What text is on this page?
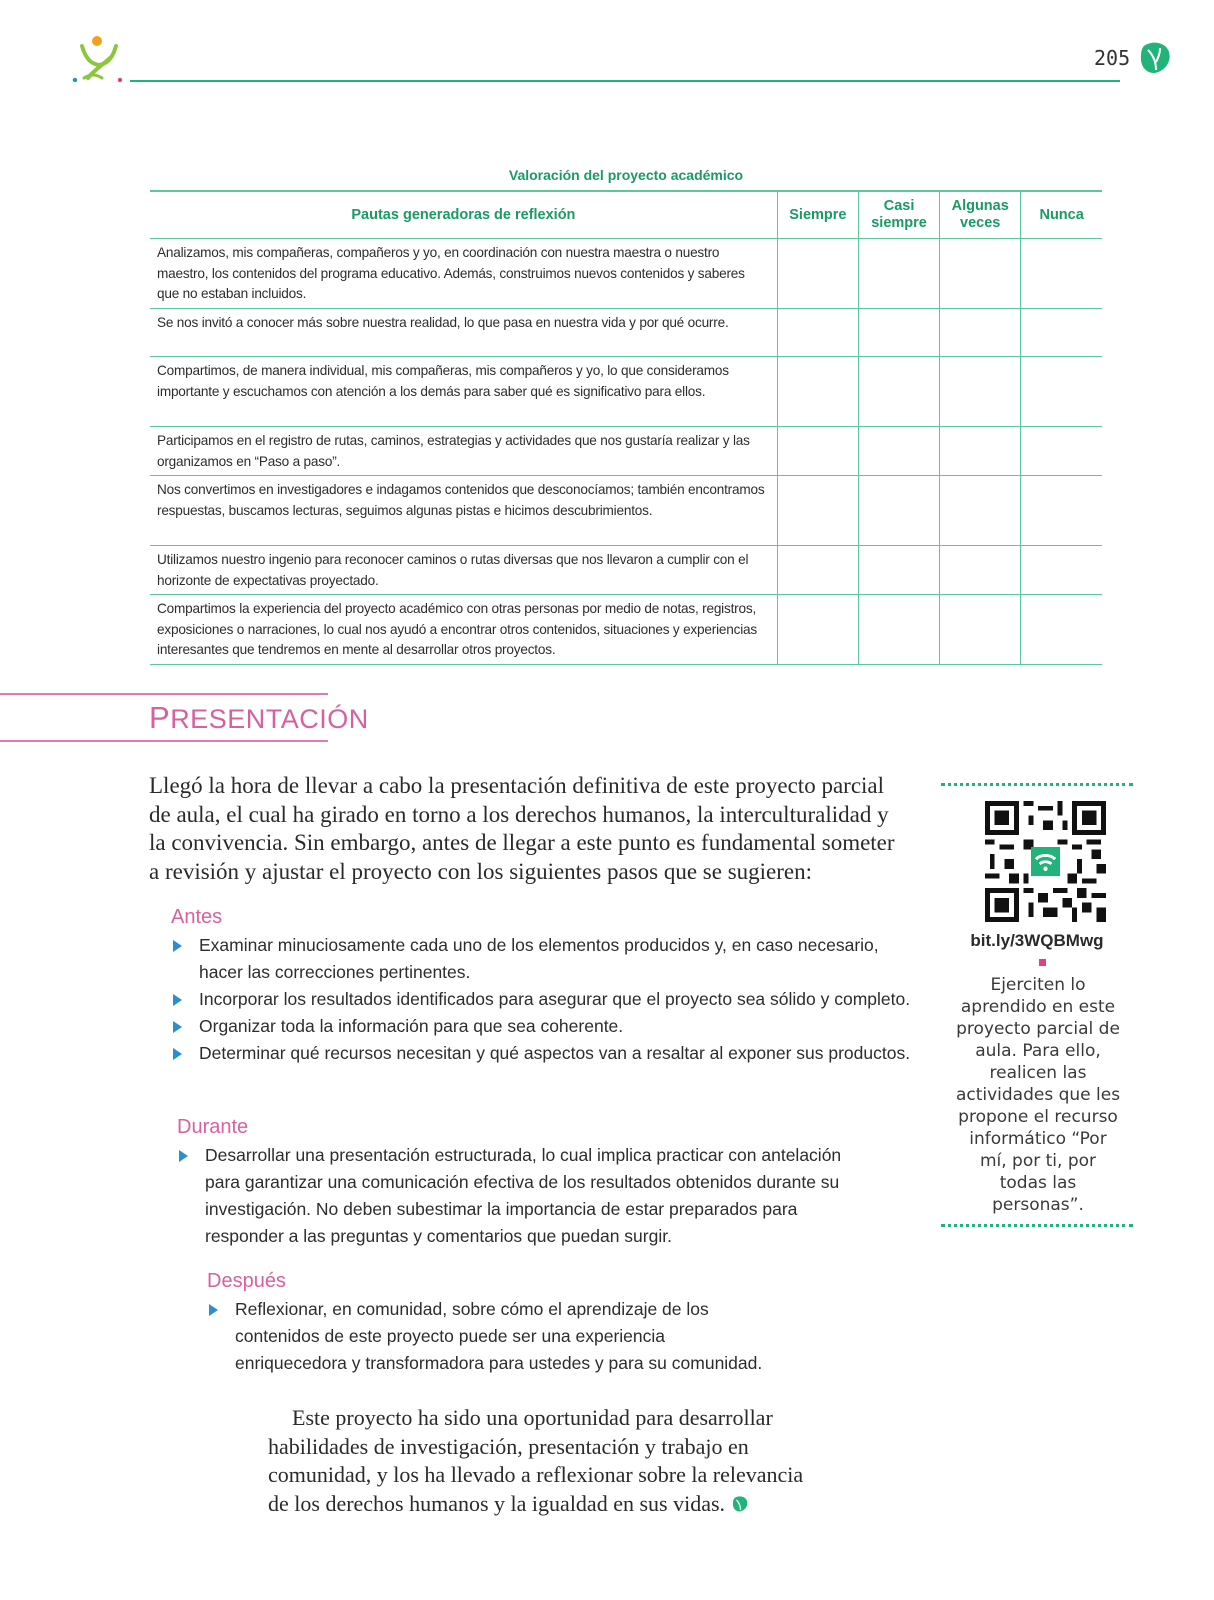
205
Valoración del proyecto académico
Pautas generadoras de reflexión	Siempre	Casi siempre	Algunas veces	Nunca
Analizamos, mis compañeras, compañeros y yo, en coordinación con nuestra maestra o nuestro maestro, los contenidos del programa educativo. Además, construimos nuevos contenidos y saberes que no estaban incluidos.				
Se nos invitó a conocer más sobre nuestra realidad, lo que pasa en nuestra vida y por qué ocurre.				
Compartimos, de manera individual, mis compañeras, mis compañeros y yo, lo que consideramos importante y escuchamos con atención a los demás para saber qué es significativo para ellos.				
Participamos en el registro de rutas, caminos, estrategias y actividades que nos gustaría realizar y las organizamos en “Paso a paso”.				
Nos convertimos en investigadores e indagamos contenidos que desconocíamos; también encontramos respuestas, buscamos lecturas, seguimos algunas pistas e hicimos descubrimientos.				
Utilizamos nuestro ingenio para reconocer caminos o rutas diversas que nos llevaron a cumplir con el horizonte de expectativas proyectado.				
Compartimos la experiencia del proyecto académico con otras personas por medio de notas, registros, exposiciones o narraciones, lo cual nos ayudó a encontrar otros contenidos, situaciones y experiencias interesantes que tendremos en mente al desarrollar otros proyectos.				
PRESENTACIÓN
Llegó la hora de llevar a cabo la presentación definitiva de este proyecto parcial de aula, el cual ha girado en torno a los derechos humanos, la interculturalidad y la convivencia. Sin embargo, antes de llegar a este punto es fundamental someter a revisión y ajustar el proyecto con los siguientes pasos que se sugieren:
Antes
Examinar minuciosamente cada uno de los elementos producidos y, en caso necesario, hacer las correcciones pertinentes.
Incorporar los resultados identificados para asegurar que el proyecto sea sólido y completo.
Organizar toda la información para que sea coherente.
Determinar qué recursos necesitan y qué aspectos van a resaltar al exponer sus productos.
Durante
Desarrollar una presentación estructurada, lo cual implica practicar con antelación para garantizar una comunicación efectiva de los resultados obtenidos durante su investigación. No deben subestimar la importancia de estar preparados para responder a las preguntas y comentarios que puedan surgir.
Después
Reflexionar, en comunidad, sobre cómo el aprendizaje de los contenidos de este proyecto puede ser una experiencia enriquecedora y transformadora para ustedes y para su comunidad.
Este proyecto ha sido una oportunidad para desarrollar habilidades de investigación, presentación y trabajo en comunidad, y los ha llevado a reflexionar sobre la relevancia de los derechos humanos y la igualdad en sus vidas.
bit.ly/3WQBMwg
Ejerciten lo aprendido en este proyecto parcial de aula. Para ello, realicen las actividades que les propone el recurso informático “Por mí, por ti, por todas las personas”.
